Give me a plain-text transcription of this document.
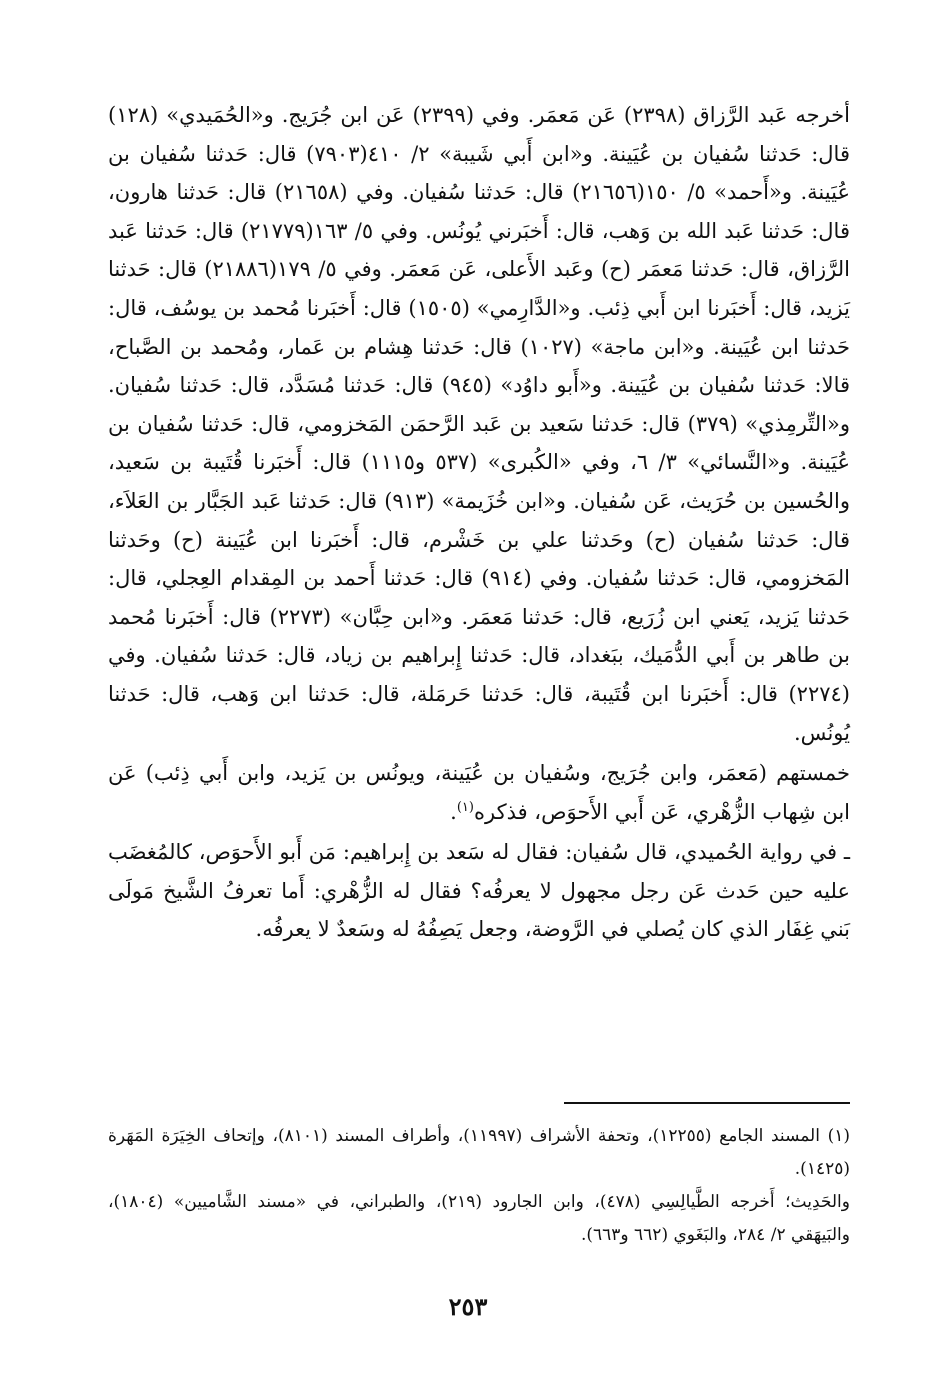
أخرجه عَبد الرَّزاق (٢٣٩٨) عَن مَعمَر. وفي (٢٣٩٩) عَن ابن جُرَيج. و«الحُمَيدي» (١٢٨) قال: حَدثنا سُفيان بن عُيَينة. و«ابن أَبي شَيبة» ٢/ ٤١٠(٧٩٠٣) قال: حَدثنا سُفيان بن عُيَينة. و«أَحمد» ٥/ ١٥٠(٢١٦٥٦) قال: حَدثنا سُفيان. وفي (٢١٦٥٨) قال: حَدثنا هارون، قال: حَدثنا عَبد الله بن وَهب، قال: أَخبَرني يُونُس. وفي ٥/ ١٦٣(٢١٧٧٩) قال: حَدثنا عَبد الرَّزاق، قال: حَدثنا مَعمَر (ح) وعَبد الأَعلى، عَن مَعمَر. وفي ٥/ ١٧٩(٢١٨٨٦) قال: حَدثنا يَزيد، قال: أَخبَرنا ابن أَبي ذِئب. و«الدَّارِمي» (١٥٠٥) قال: أَخبَرنا مُحمد بن يوسُف، قال: حَدثنا ابن عُيَينة. و«ابن ماجة» (١٠٢٧) قال: حَدثنا هِشام بن عَمار، ومُحمد بن الصَّباح، قالا: حَدثنا سُفيان بن عُيَينة. و«أَبو داوُد» (٩٤٥) قال: حَدثنا مُسَدَّد، قال: حَدثنا سُفيان. و«التِّرمِذي» (٣٧٩) قال: حَدثنا سَعيد بن عَبد الرَّحمَن المَخزومي، قال: حَدثنا سُفيان بن عُيَينة. و«النَّسائي» ٣/ ٦، وفي «الكُبرى» (٥٣٧ و١١١٥) قال: أَخبَرنا قُتَيبة بن سَعيد، والحُسين بن حُرَيث، عَن سُفيان. و«ابن خُزَيمة» (٩١٣) قال: حَدثنا عَبد الجَبَّار بن العَلاَء، قال: حَدثنا سُفيان (ح) وحَدثنا علي بن خَشْرم، قال: أَخبَرنا ابن عُيَينة (ح) وحَدثنا المَخزومي، قال: حَدثنا سُفيان. وفي (٩١٤) قال: حَدثنا أَحمد بن المِقدام العِجلي، قال: حَدثنا يَزيد، يَعني ابن زُرَيع، قال: حَدثنا مَعمَر. و«ابن حِبَّان» (٢٢٧٣) قال: أَخبَرنا مُحمد بن طاهر بن أَبي الدُّمَيك، ببَغداد، قال: حَدثنا إِبراهيم بن زياد، قال: حَدثنا سُفيان. وفي (٢٢٧٤) قال: أَخبَرنا ابن قُتَيبة، قال: حَدثنا حَرمَلة، قال: حَدثنا ابن وَهب، قال: حَدثنا يُونُس.

خمستهم (مَعمَر، وابن جُرَيج، وسُفيان بن عُيَينة، ويونُس بن يَزيد، وابن أَبي ذِئب) عَن ابن شِهاب الزُّهْري، عَن أَبي الأَحوَص، فذكره$^{(١)}$.

ـ في رواية الحُميدي، قال سُفيان: فقال له سَعد بن إِبراهيم: مَن أَبو الأَحوَص، كالمُغضَب عليه حين حَدث عَن رجل مجهول لا يعرفُه؟ فقال له الزُّهْري: أَما تعرفُ الشَّيخ مَولَى بَني غِفَار الذي كان يُصلي في الرَّوضة، وجعل يَصِفُهُ له وسَعدٌ لا يعرفُه.

(١) المسند الجامع (١٢٢٥٥)، وتحفة الأشراف (١١٩٩٧)، وأطراف المسند (٨١٠١)، وإتحاف الخِيَرَة المَهَرة (١٤٢٥).

والحَدِيث؛ أَخرجه الطَّيالِسِي (٤٧٨)، وابن الجارود (٢١٩)، والطبراني، في «مسند الشَّاميين» (١٨٠٤)، والبَيهَقي ٢/ ٢٨٤، والبَغَوي (٦٦٢ و٦٦٣).

٢٥٣
